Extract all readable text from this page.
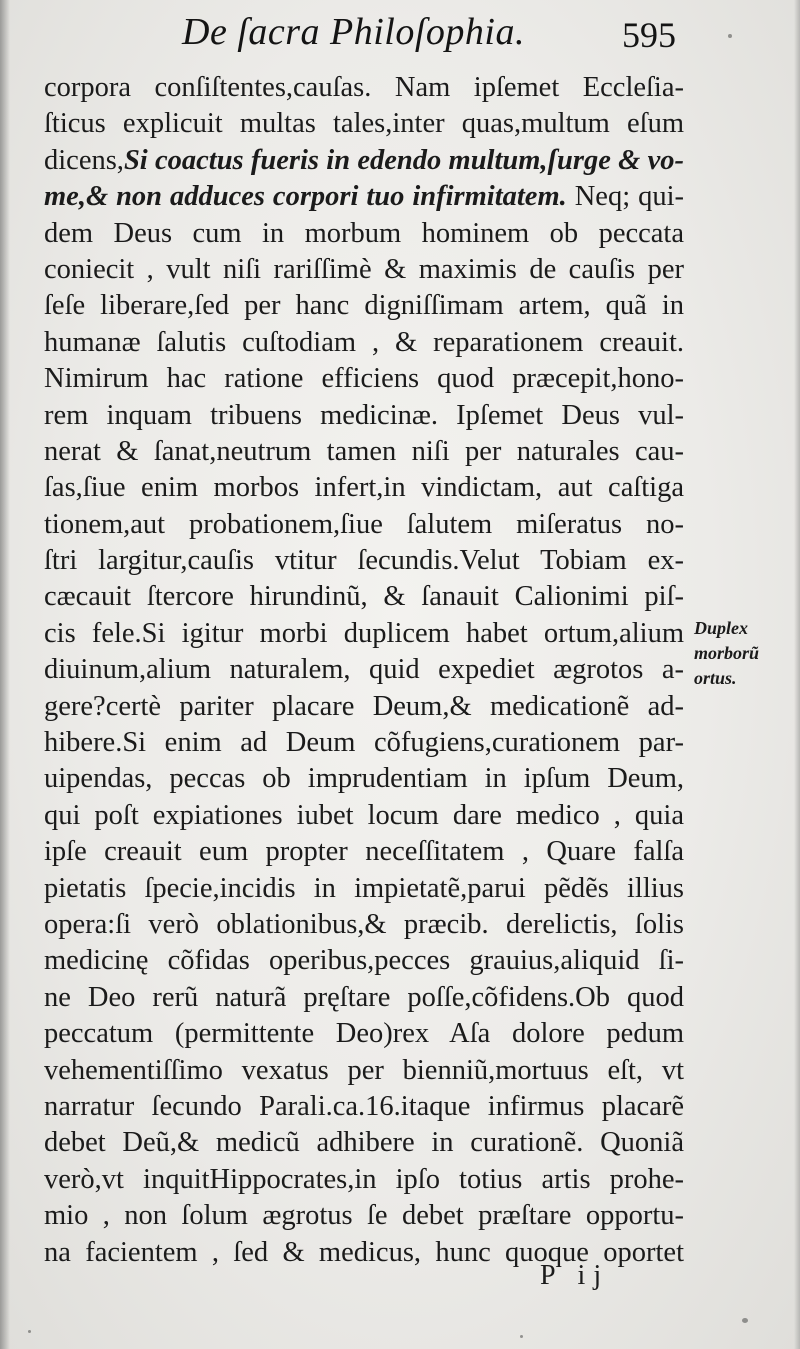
De ſacra Philoſophia.	595
corpora conſiſtentes,cauſas. Nam ipſemet Eccleſia-
ſticus explicuit multas tales,inter quas,multum eſum
dicens,Si coactus fueris in edendo multum,ſurge & vo-
me,& non adduces corpori tuo infirmitatem. Neq; qui-
dem Deus cum in morbum hominem ob peccata
coniecit , vult niſi rariſſimè & maximis de cauſis per
ſeſe liberare,ſed per hanc digniſſimam artem, quã in
humanæ ſalutis cuſtodiam , & reparationem creauit.
Nimirum hac ratione efficiens quod præcepit,hono-
rem inquam tribuens medicinæ. Ipſemet Deus vul-
nerat & ſanat,neutrum tamen niſi per naturales cau-
ſas,ſiue enim morbos infert,in vindictam, aut caſtiga
tionem,aut probationem,ſiue ſalutem miſeratus no-
ſtri largitur,cauſis vtitur ſecundis.Velut Tobiam ex-
cæcauit ſtercore hirundinũ, & ſanauit Calionimi piſ-
cis fele.Si igitur morbi duplicem habet ortum,alium
diuinum,alium naturalem, quid expediet ægrotos a-
gere?certè pariter placare Deum,& medicationẽ ad-
hibere.Si enim ad Deum cõfugiens,curationem par-
uipendas, peccas ob imprudentiam in ipſum Deum,
qui poſt expiationes iubet locum dare medico , quia
ipſe creauit eum propter neceſſitatem , Quare falſa
pietatis ſpecie,incidis in impietatẽ,parui pẽdẽs illius
opera:ſi verò oblationibus,& præcib. derelictis, ſolis
medicinę cõfidas operibus,pecces grauius,aliquid ſi-
ne Deo rerũ naturã pręſtare poſſe,cõfidens.Ob quod
peccatum (permittente Deo)rex Aſa dolore pedum
vehementiſſimo vexatus per bienniũ,mortuus eſt, vt
narratur ſecundo Parali.ca.16.itaque infirmus placarẽ
debet Deũ,& medicũ adhibere in curationẽ. Quoniã
verò,vt inquitHippocrates,in ipſo totius artis prohe-
mio , non ſolum ægrotus ſe debet præſtare opportu-
na facientem , ſed & medicus, hunc quoque oportet
Duplex
morborũ
ortus.
P ij
